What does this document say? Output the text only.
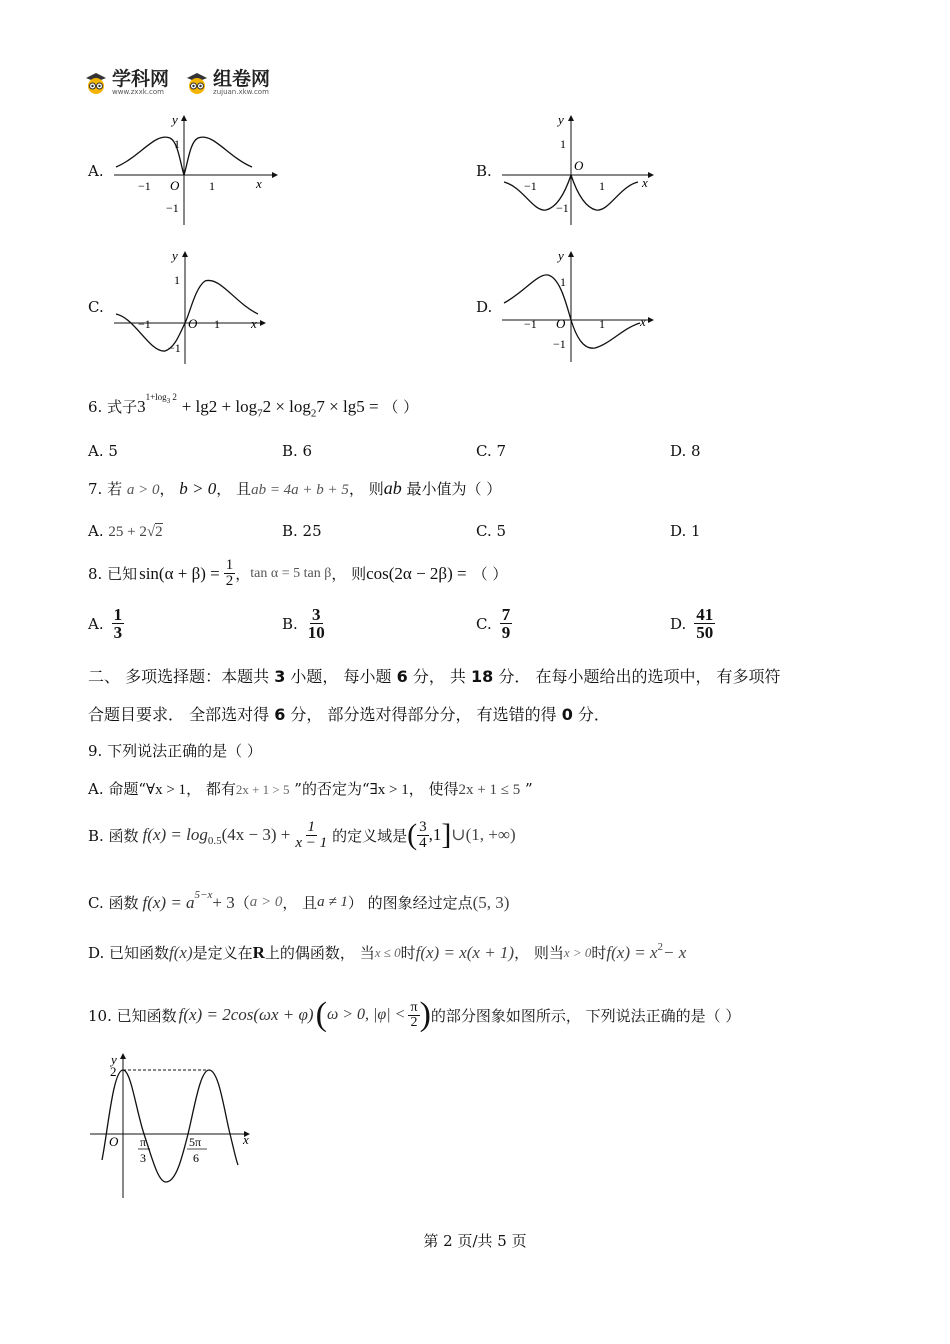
学科网
www.zxxk.com
组卷网
zujuan.xkw.com
A.
y
x
O
1
1
−1
−1
B.
y
x
O
1
1
−1
−1
C.
y
x
O
1
1
−1
−1
D.
y
x
O
1
1
−1
−1
6. 式子$3^{1+log_3 2} + \lg 2 + \log_72 \times \log_27 \times \lg 5$ = （ ）
A. 5	B. 6	C. 7	D. 8
7. 若 a > 0， b > 0， 且ab = 4a + b + 5， 则ab 最小值为（ ）
A. 25 + 2√2	B. 25	C. 5	D. 1
8. 已知 $\sin(\alpha + \beta) = \frac{1}{2}$ ， tan α = 5 tan β ， 则 cos(2α − 2β) = （ ）
A. $\frac{1}{3}$	B. $\frac{3}{10}$	C. $\frac{7}{9}$	D. $\frac{41}{50}$
二、 多项选择题：本题共 3 小题， 每小题 6 分， 共 18 分． 在每小题给出的选项中， 有多项符
合题目要求． 全部选对得 6 分， 部分选对得部分分， 有选错的得 0 分．
9. 下列说法正确的是（ ）
A. 命题“∀x > 1， 都有2x + 1 > 5 ”的否定为“∃x > 1， 使得2x + 1 ≤ 5 ”
B. 函数 $f(x) = \log_{0.5} (4x - 3) + \frac{1}{x - 1}$ 的定义域是 ( $\frac{3}{4} ,1$ ] ∪(1, +∞)
C. 函数 $f(x) = a^{5-x} + 3$ （ a > 0 ， 且 a ≠ 1 ） 的图象经过定点 (5, 3)
D. 已知函数 f(x) 是定义在 R 上的偶函数， 当 x ≤ 0 时 f(x) = x(x + 1) ， 则当 x > 0 时 $f(x) = x^2 - x$
10. 已知函数 f(x) = 2cos(ωx + φ) ( ω > 0, $|\varphi| < \frac{\pi}{2}$ ) 的部分图象如图所示， 下列说法正确的是（ ）
y
x
O
2
π
3
5π
6
第 2 页/共 5 页
